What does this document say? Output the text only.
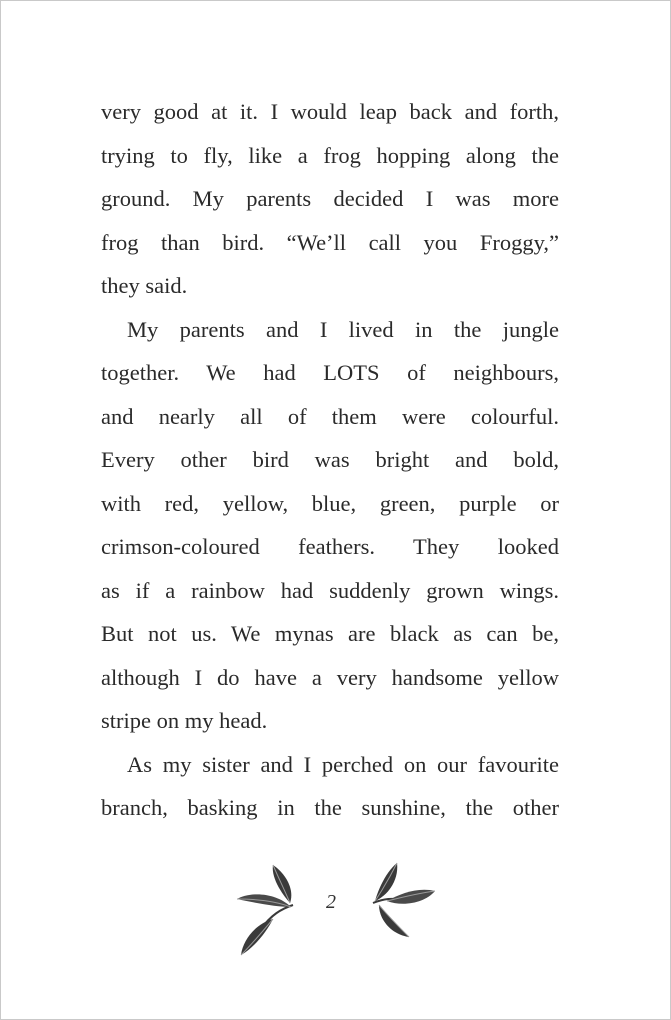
very good at it. I would leap back and forth,
trying to fly, like a frog hopping along the
ground. My parents decided I was more
frog than bird. “We’ll call you Froggy,”
they said.
My parents and I lived in the jungle
together. We had LOTS of neighbours,
and nearly all of them were colourful.
Every other bird was bright and bold,
with red, yellow, blue, green, purple or
crimson-coloured feathers. They looked
as if a rainbow had suddenly grown wings.
But not us. We mynas are black as can be,
although I do have a very handsome yellow
stripe on my head.
As my sister and I perched on our favourite
branch, basking in the sunshine, the other
2
